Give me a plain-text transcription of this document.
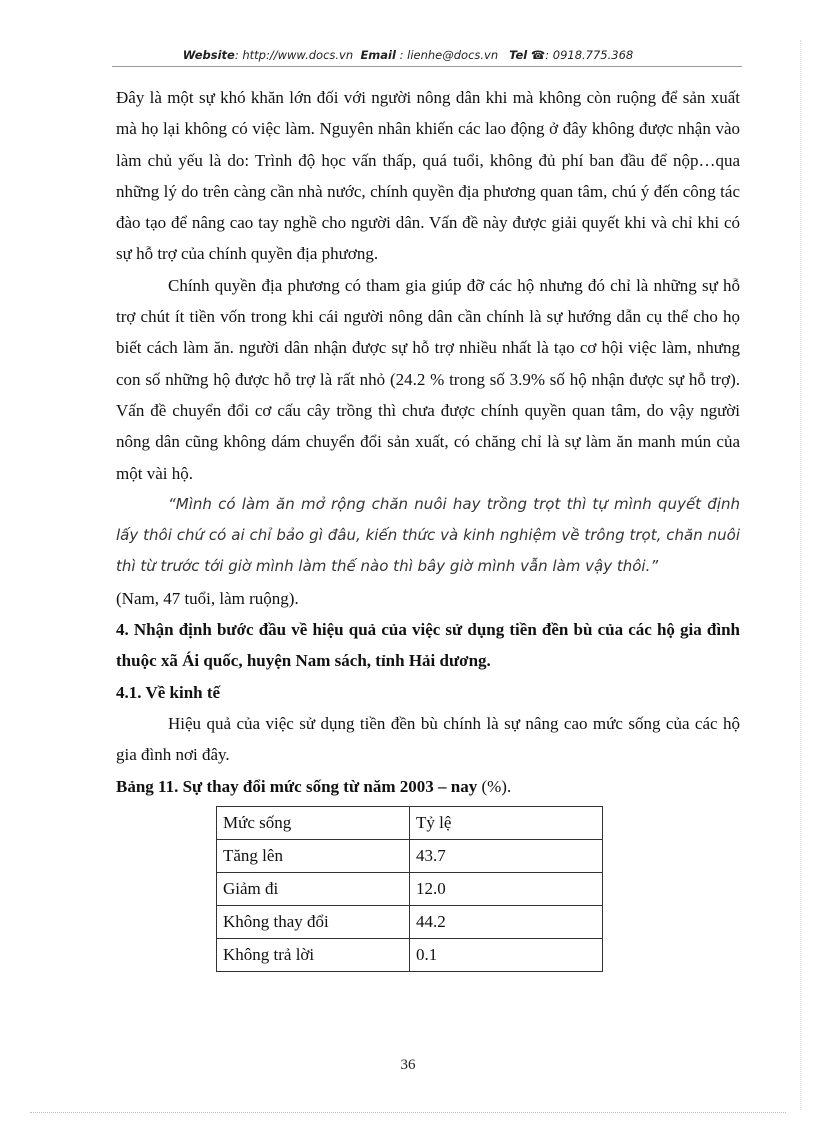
Website: http://www.docs.vn Email : lienhe@docs.vn Tel ☎: 0918.775.368

Đây là một sự khó khăn lớn đối với người nông dân khi mà không còn ruộng để sản xuất mà họ lại không có việc làm. Nguyên nhân khiến các lao động ở đây không được nhận vào làm chủ yếu là do: Trình độ học vấn thấp, quá tuổi, không đủ phí ban đầu để nộp…qua những lý do trên càng cần nhà nước, chính quyền địa phương quan tâm, chú ý đến công tác đào tạo để nâng cao tay nghề cho người dân. Vấn đề này được giải quyết khi và chỉ khi có sự hỗ trợ của chính quyền địa phương.

Chính quyền địa phương có tham gia giúp đỡ các hộ nhưng đó chỉ là những sự hỗ trợ chút ít tiền vốn trong khi cái người nông dân cần chính là sự hướng dẫn cụ thể cho họ biết cách làm ăn. người dân nhận được sự hỗ trợ nhiều nhất là tạo cơ hội việc làm, nhưng con số những hộ được hỗ trợ là rất nhỏ (24.2 % trong số 3.9% số hộ nhận được sự hỗ trợ). Vấn đề chuyển đổi cơ cấu cây trồng thì chưa được chính quyền quan tâm, do vậy người nông dân cũng không dám chuyển đổi sản xuất, có chăng chỉ là sự làm ăn manh mún của một vài hộ.

“Mình có làm ăn mở rộng chăn nuôi hay trồng trọt thì tự mình quyết định lấy thôi chứ có ai chỉ bảo gì đâu, kiến thức và kinh nghiệm về trông trọt, chăn nuôi thì từ trước tới giờ mình làm thế nào thì bây giờ mình vẫn làm vậy thôi.”

(Nam, 47 tuổi, làm ruộng).

4. Nhận định bước đầu về hiệu quả của việc sử dụng tiền đền bù của các hộ gia đình thuộc xã Ái quốc, huyện Nam sách, tỉnh Hải dương.

4.1. Về kinh tế

Hiệu quả của việc sử dụng tiền đền bù chính là sự nâng cao mức sống của các hộ gia đình nơi đây.

Bảng 11. Sự thay đổi mức sống từ năm 2003 – nay (%).

Mức sống	Tỷ lệ
Tăng lên	43.7
Giảm đi	12.0
Không thay đổi	44.2
Không trả lời	0.1
36
